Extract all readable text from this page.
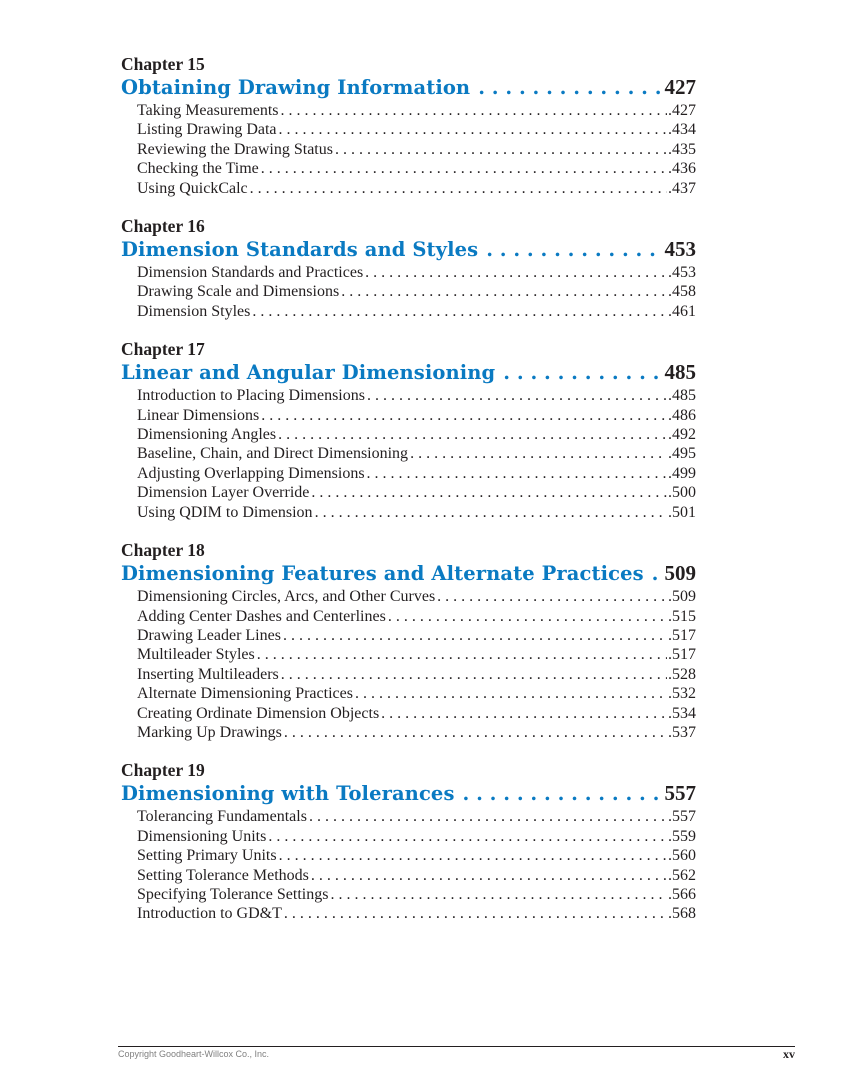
Chapter 15
Obtaining Drawing Information . . .	427
Taking Measurements . . .	.427
Listing Drawing Data . . .	.434
Reviewing the Drawing Status . . .	.435
Checking the Time . . .	.436
Using QuickCalc . . .	.437
Chapter 16
Dimension Standards and Styles . . .	453
Dimension Standards and Practices . . .	.453
Drawing Scale and Dimensions . . .	.458
Dimension Styles . . .	.461
Chapter 17
Linear and Angular Dimensioning . . .	485
Introduction to Placing Dimensions . . .	.485
Linear Dimensions . . .	.486
Dimensioning Angles . . .	.492
Baseline, Chain, and Direct Dimensioning . . .	.495
Adjusting Overlapping Dimensions . . .	.499
Dimension Layer Override . . .	.500
Using QDIM to Dimension . . .	.501
Chapter 18
Dimensioning Features and Alternate Practices . . . 509
Dimensioning Circles, Arcs, and Other Curves . . .	.509
Adding Center Dashes and Centerlines . . .	.515
Drawing Leader Lines . . .	.517
Multileader Styles . . .	.517
Inserting Multileaders . . .	.528
Alternate Dimensioning Practices . . .	.532
Creating Ordinate Dimension Objects . . .	.534
Marking Up Drawings . . .	.537
Chapter 19
Dimensioning with Tolerances . . .	557
Tolerancing Fundamentals . . .	.557
Dimensioning Units . . .	.559
Setting Primary Units . . .	.560
Setting Tolerance Methods . . .	.562
Specifying Tolerance Settings . . .	.566
Introduction to GD&T . . .	.568
Copyright Goodheart-Willcox Co., Inc.	xv
